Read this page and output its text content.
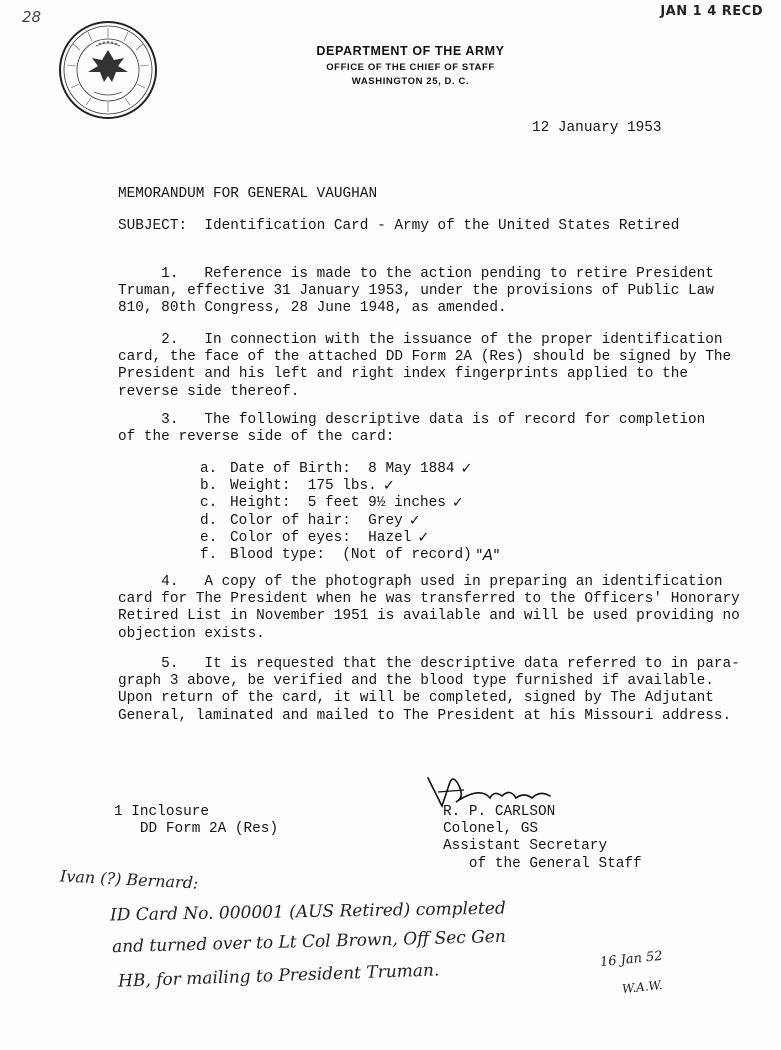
28	JAN 1 4 RECD
DEPARTMENT OF THE ARMY
OFFICE OF THE CHIEF OF STAFF
WASHINGTON 25, D. C.
12 January 1953
MEMORANDUM FOR GENERAL VAUGHAN
SUBJECT:  Identification Card - Army of the United States Retired
1.   Reference is made to the action pending to retire President
Truman, effective 31 January 1953, under the provisions of Public Law
810, 80th Congress, 28 June 1948, as amended.
2.   In connection with the issuance of the proper identification
card, the face of the attached DD Form 2A (Res) should be signed by The
President and his left and right index fingerprints applied to the
reverse side thereof.
3.   The following descriptive data is of record for completion
of the reverse side of the card:
a. Date of Birth:  8 May 1884 ✓
b. Weight:  175 lbs. ✓
c. Height:  5 feet 9½ inches ✓
d. Color of hair:  Grey ✓
e. Color of eyes:  Hazel ✓
f. Blood type:  (Not of record) "A"
4.   A copy of the photograph used in preparing an identification
card for The President when he was transferred to the Officers' Honorary
Retired List in November 1951 is available and will be used providing no
objection exists.
5.   It is requested that the descriptive data referred to in para-
graph 3 above, be verified and the blood type furnished if available.
Upon return of the card, it will be completed, signed by The Adjutant
General, laminated and mailed to The President at his Missouri address.
1 Inclosure
DD Form 2A (Res)
R. P. CARLSON
Colonel, GS
Assistant Secretary
of the General Staff
Ivan (?) Bernard:
ID Card No. 000001 (AUS Retired) completed
and turned over to Lt Col Brown, Off Sec Gen
HB, for mailing to President Truman.
16 Jan 52
W.A.W.
